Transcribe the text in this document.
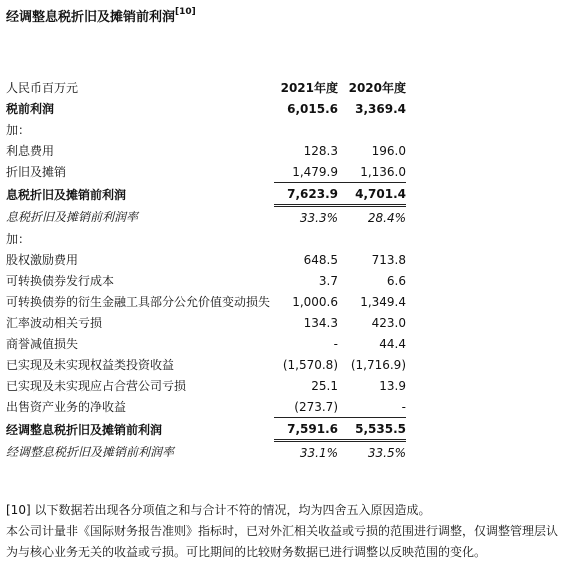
经调整息税折旧及摊销前利润[10]
人民币百万元	2021年度	2020年度
税前利润	6,015.6	3,369.4
加：		
利息费用	128.3	196.0
折旧及摊销	1,479.9	1,136.0
息税折旧及摊销前利润	7,623.9	4,701.4
息税折旧及摊销前利润率	33.3%	28.4%
加：		
股权激励费用	648.5	713.8
可转换债券发行成本	3.7	6.6
可转换债券的衍生金融工具部分公允价值变动损失	1,000.6	1,349.4
汇率波动相关亏损	134.3	423.0
商誉减值损失	-	44.4
已实现及未实现权益类投资收益	(1,570.8)	(1,716.9)
已实现及未实现应占合营公司亏损	25.1	13.9
出售资产业务的净收益	(273.7)	-
经调整息税折旧及摊销前利润	7,591.6	5,535.5
经调整息税折旧及摊销前利润率	33.1%	33.5%
[10] 以下数据若出现各分项值之和与合计不符的情况，均为四舍五入原因造成。
本公司计量非《国际财务报告准则》指标时，已对外汇相关收益或亏损的范围进行调整，仅调整管理层认
为与核心业务无关的收益或亏损。可比期间的比较财务数据已进行调整以反映范围的变化。
